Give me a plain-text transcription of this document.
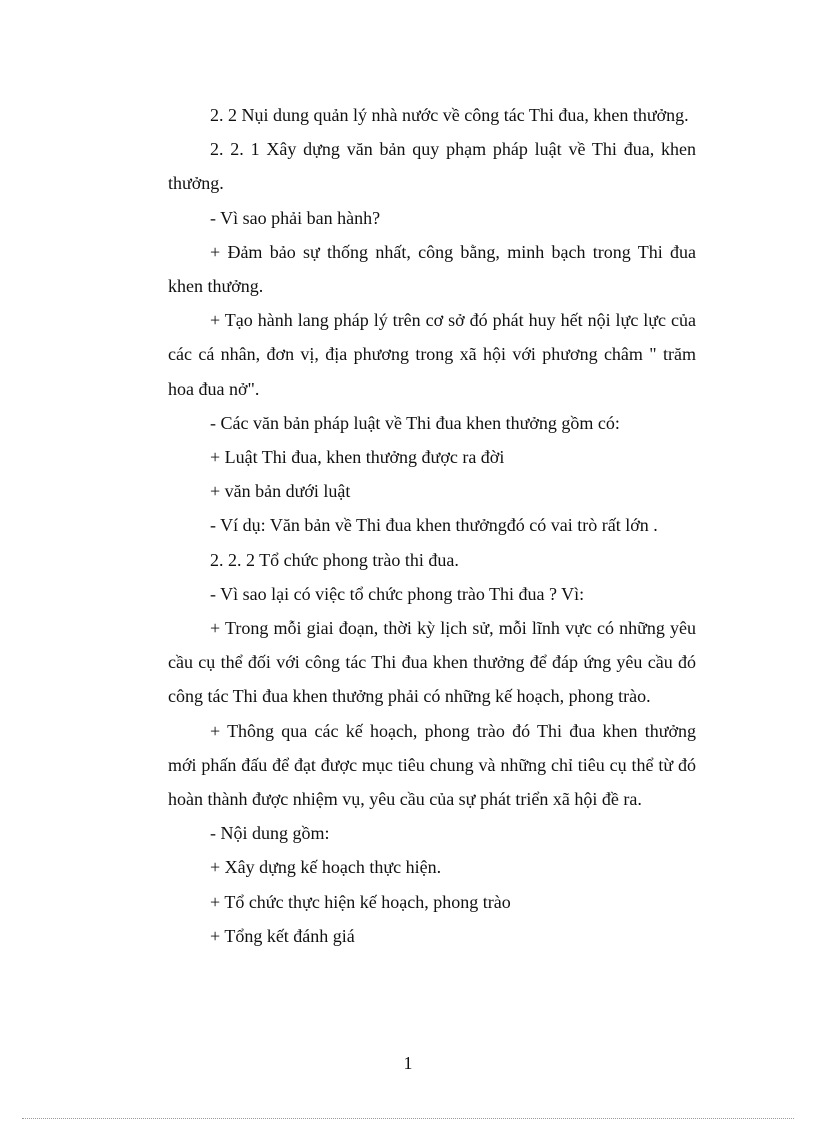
2. 2 Nụi dung quản lý nhà nước về công tác Thi đua, khen thưởng.

2. 2. 1 Xây dựng văn bản quy phạm pháp luật về Thi đua, khen thưởng.

- Vì sao phải ban hành?

+ Đảm bảo sự thống nhất, công bằng, minh bạch trong Thi đua khen thưởng.

+ Tạo hành lang pháp lý trên cơ sở đó phát huy hết nội lực lực của các cá nhân, đơn vị, địa phương trong xã hội với phương châm " trăm hoa đua nở".

- Các văn bản pháp luật về Thi đua khen thưởng gồm có:

+ Luật Thi đua, khen thưởng được ra đời

+ văn bản dưới luật

- Ví dụ: Văn bản về Thi đua khen thưởngđó có vai trò rất lớn .

2. 2. 2 Tổ chức phong trào thi đua.

- Vì sao lại có việc tổ chức phong trào Thi đua ? Vì:

+ Trong mỗi giai đoạn, thời kỳ lịch sử, mỗi lĩnh vực có những yêu cầu cụ thể đối với công tác Thi đua khen thưởng để đáp ứng yêu cầu đó công tác Thi đua khen thưởng phải có những kế hoạch, phong trào.

+ Thông qua các kế hoạch, phong trào đó Thi đua khen thưởng mới phấn đấu để đạt được mục tiêu chung và những chỉ tiêu cụ thể từ đó hoàn thành được nhiệm vụ, yêu cầu của sự phát triển xã hội đề ra.

- Nội dung gồm:

+ Xây dựng kế hoạch thực hiện.

+ Tổ chức thực hiện kế hoạch, phong trào

+ Tổng kết đánh giá

1
